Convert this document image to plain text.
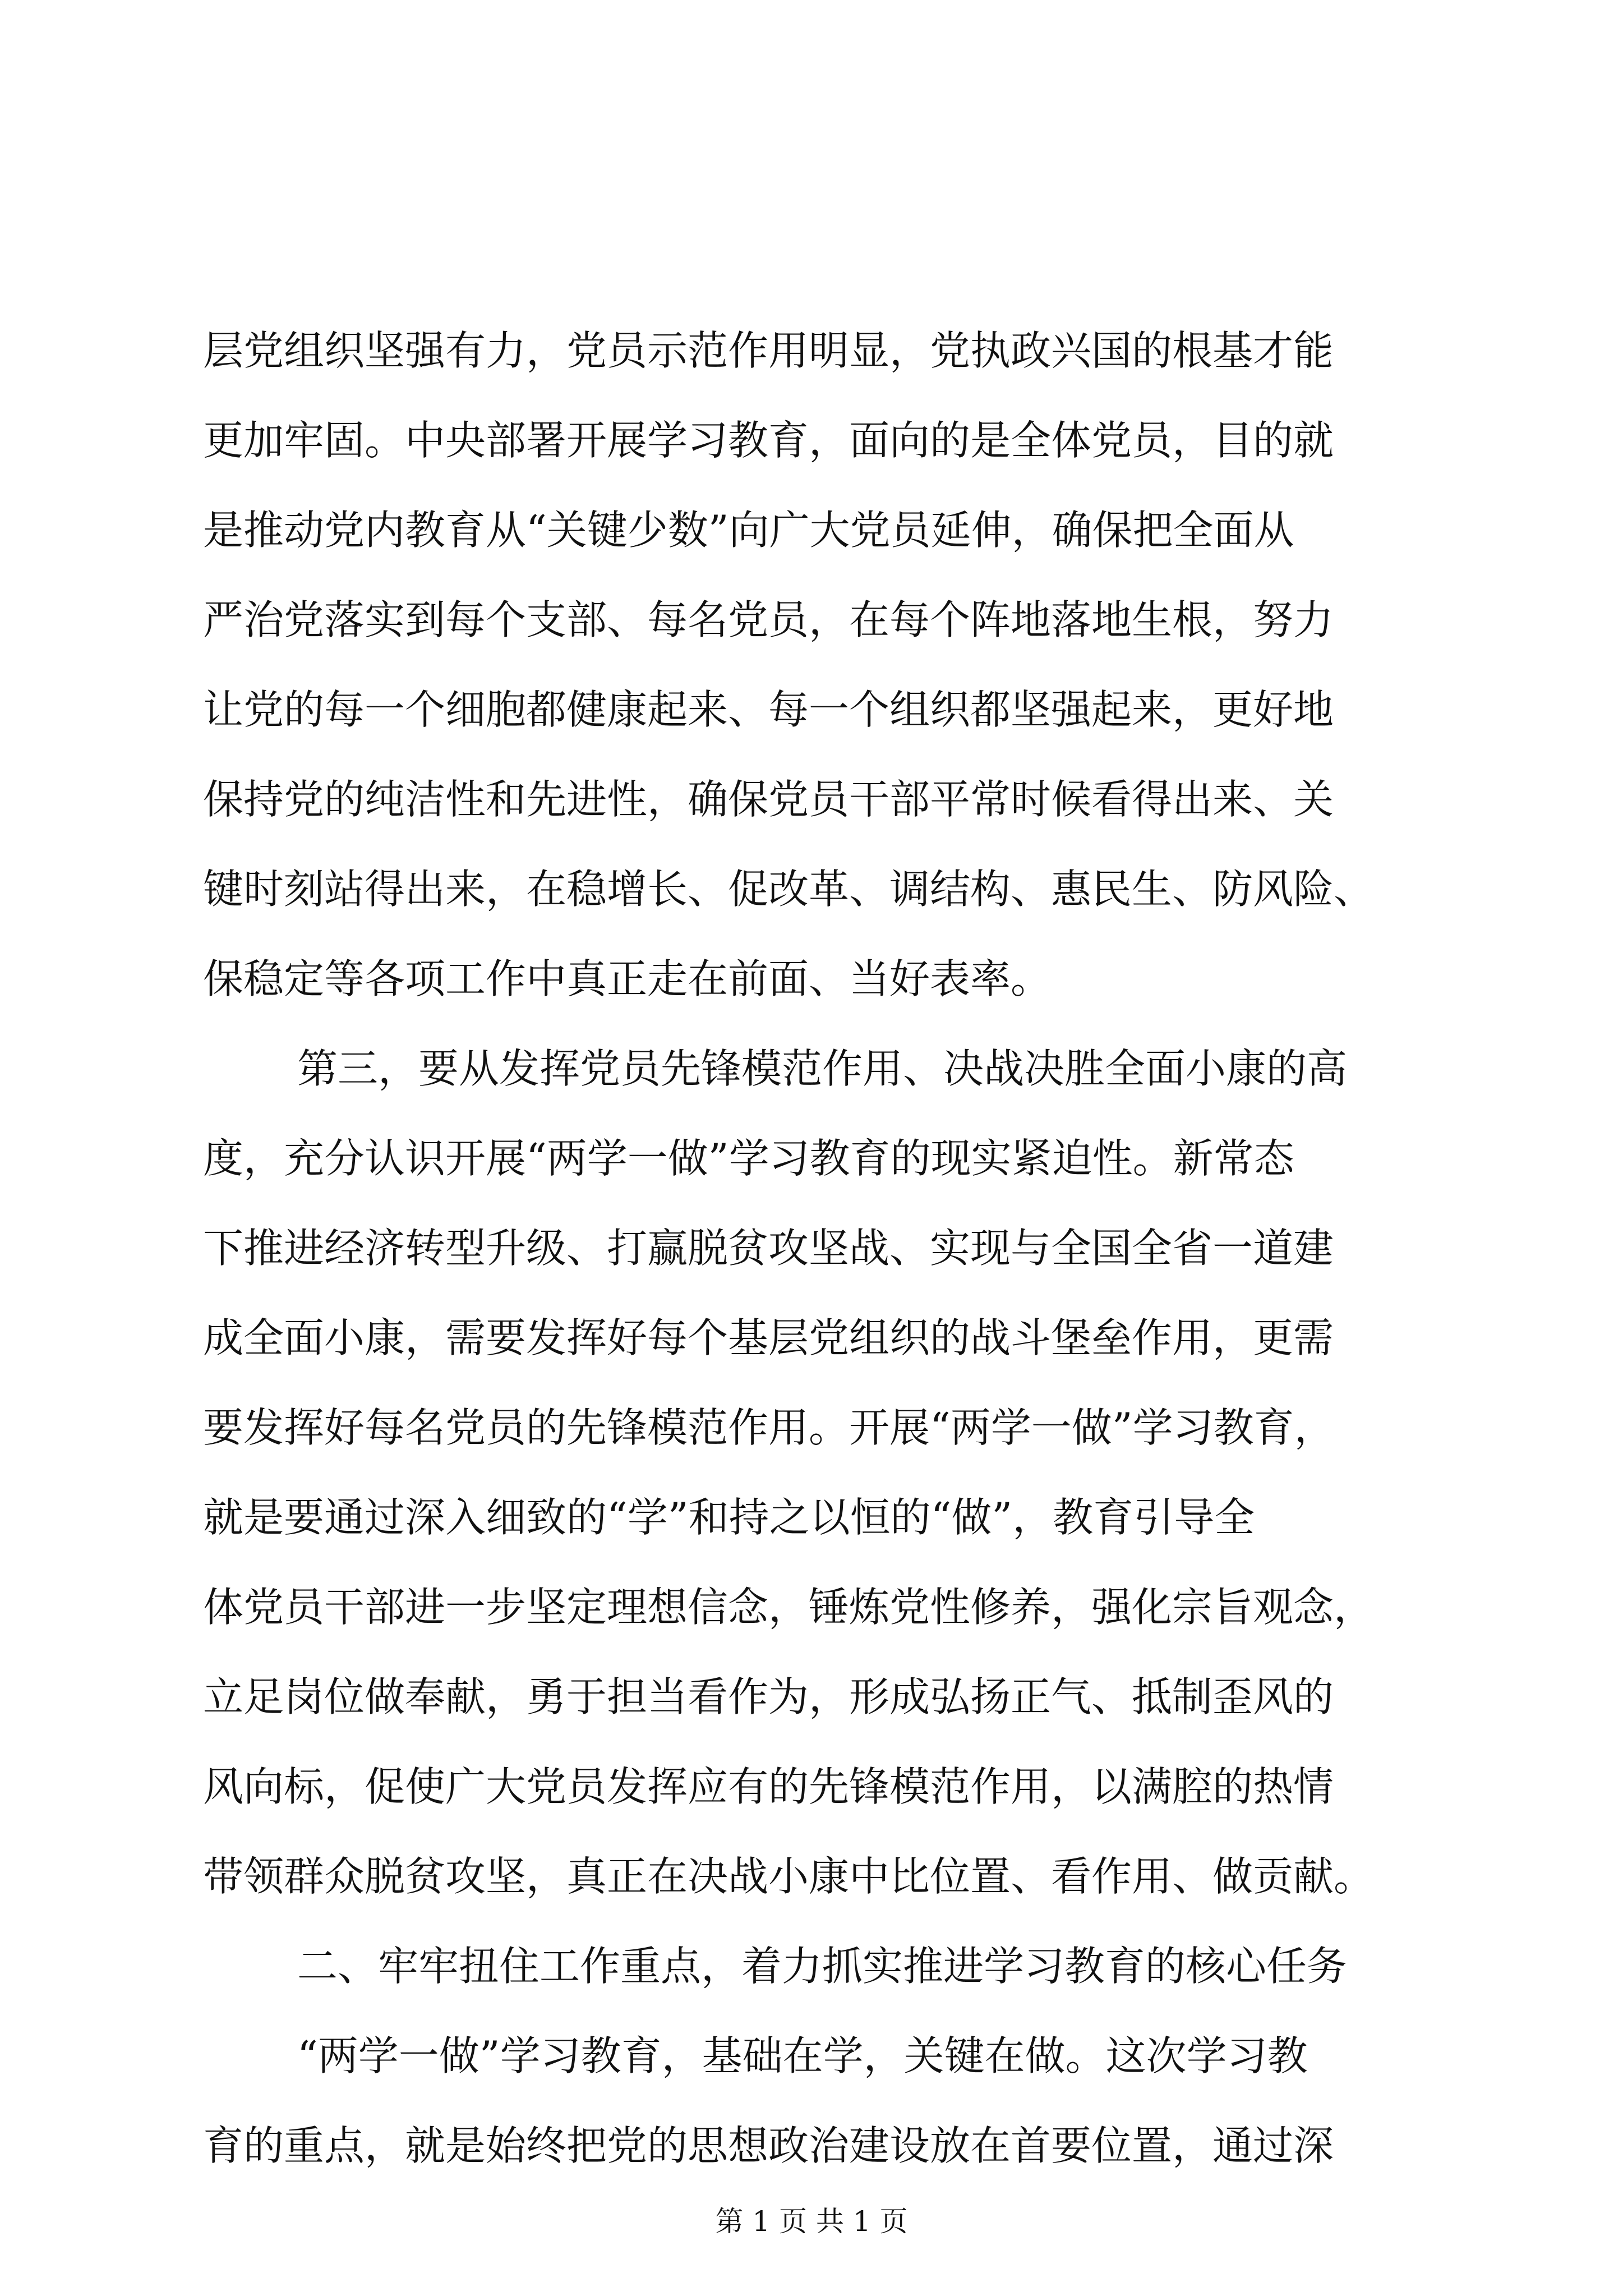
层党组织坚强有力，党员示范作用明显，党执政兴国的根基才能
更加牢固。中央部署开展学习教育，面向的是全体党员，目的就
是推动党内教育从“关键少数”向广大党员延伸，确保把全面从
严治党落实到每个支部、每名党员，在每个阵地落地生根，努力
让党的每一个细胞都健康起来、每一个组织都坚强起来，更好地
保持党的纯洁性和先进性，确保党员干部平常时候看得出来、关
键时刻站得出来，在稳增长、促改革、调结构、惠民生、防风险、
保稳定等各项工作中真正走在前面、当好表率。
第三，要从发挥党员先锋模范作用、决战决胜全面小康的高
度，充分认识开展“两学一做”学习教育的现实紧迫性。新常态
下推进经济转型升级、打赢脱贫攻坚战、实现与全国全省一道建
成全面小康，需要发挥好每个基层党组织的战斗堡垒作用，更需
要发挥好每名党员的先锋模范作用。开展“两学一做”学习教育，
就是要通过深入细致的“学”和持之以恒的“做”，教育引导全
体党员干部进一步坚定理想信念，锤炼党性修养，强化宗旨观念，
立足岗位做奉献，勇于担当看作为，形成弘扬正气、抵制歪风的
风向标，促使广大党员发挥应有的先锋模范作用，以满腔的热情
带领群众脱贫攻坚，真正在决战小康中比位置、看作用、做贡献。
二、牢牢扭住工作重点，着力抓实推进学习教育的核心任务
“两学一做”学习教育，基础在学，关键在做。这次学习教
育的重点，就是始终把党的思想政治建设放在首要位置，通过深
第 1 页 共 1 页
